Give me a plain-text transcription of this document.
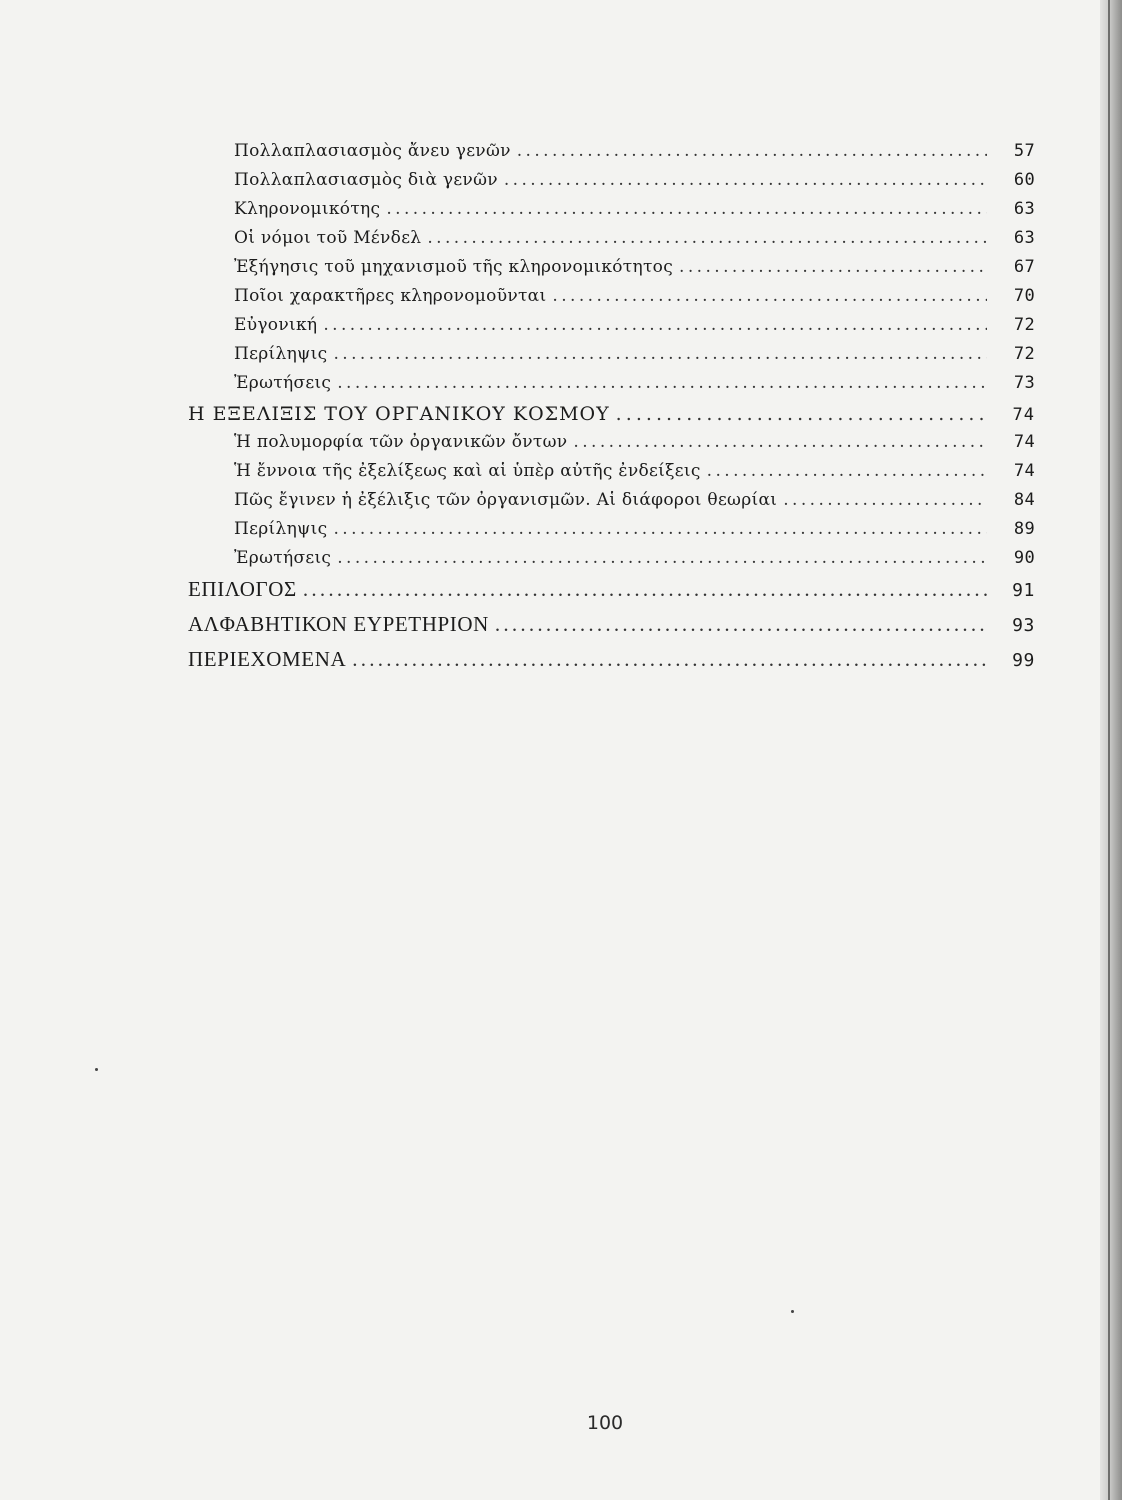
Πολλαπλασιασμὸς ἄνευ γενῶν . . .	57
Πολλαπλασιασμὸς διὰ γενῶν . . .	60
Κληρονομικότης . . .	63
Οἱ νόμοι τοῦ Μένδελ . . .	63
Ἐξήγησις τοῦ μηχανισμοῦ τῆς κληρονομικότητος . . .	67
Ποῖοι χαρακτῆρες κληρονομοῦνται . . .	70
Εὐγονική . . .	72
Περίληψις . . .	72
Ἐρωτήσεις . . .	73
Η ΕΞΕΛΙΞΙΣ ΤΟΥ ΟΡΓΑΝΙΚΟΥ ΚΟΣΜΟΥ . . .	74
Ἡ πολυμορφία τῶν ὀργανικῶν ὄντων . . .	74
Ἡ ἔννοια τῆς ἐξελίξεως καὶ αἱ ὑπὲρ αὐτῆς ἐνδείξεις . . .	74
Πῶς ἔγινεν ἡ ἐξέλιξις τῶν ὀργανισμῶν. Αἱ διάφοροι θεωρίαι . . .	84
Περίληψις . . .	89
Ἐρωτήσεις . . .	90
ΕΠΙΛΟΓΟΣ . . .	91
ΑΛΦΑΒΗΤΙΚΟΝ ΕΥΡΕΤΗΡΙΟΝ . . .	93
ΠΕΡΙΕΧΟΜΕΝΑ . . .	99
100
